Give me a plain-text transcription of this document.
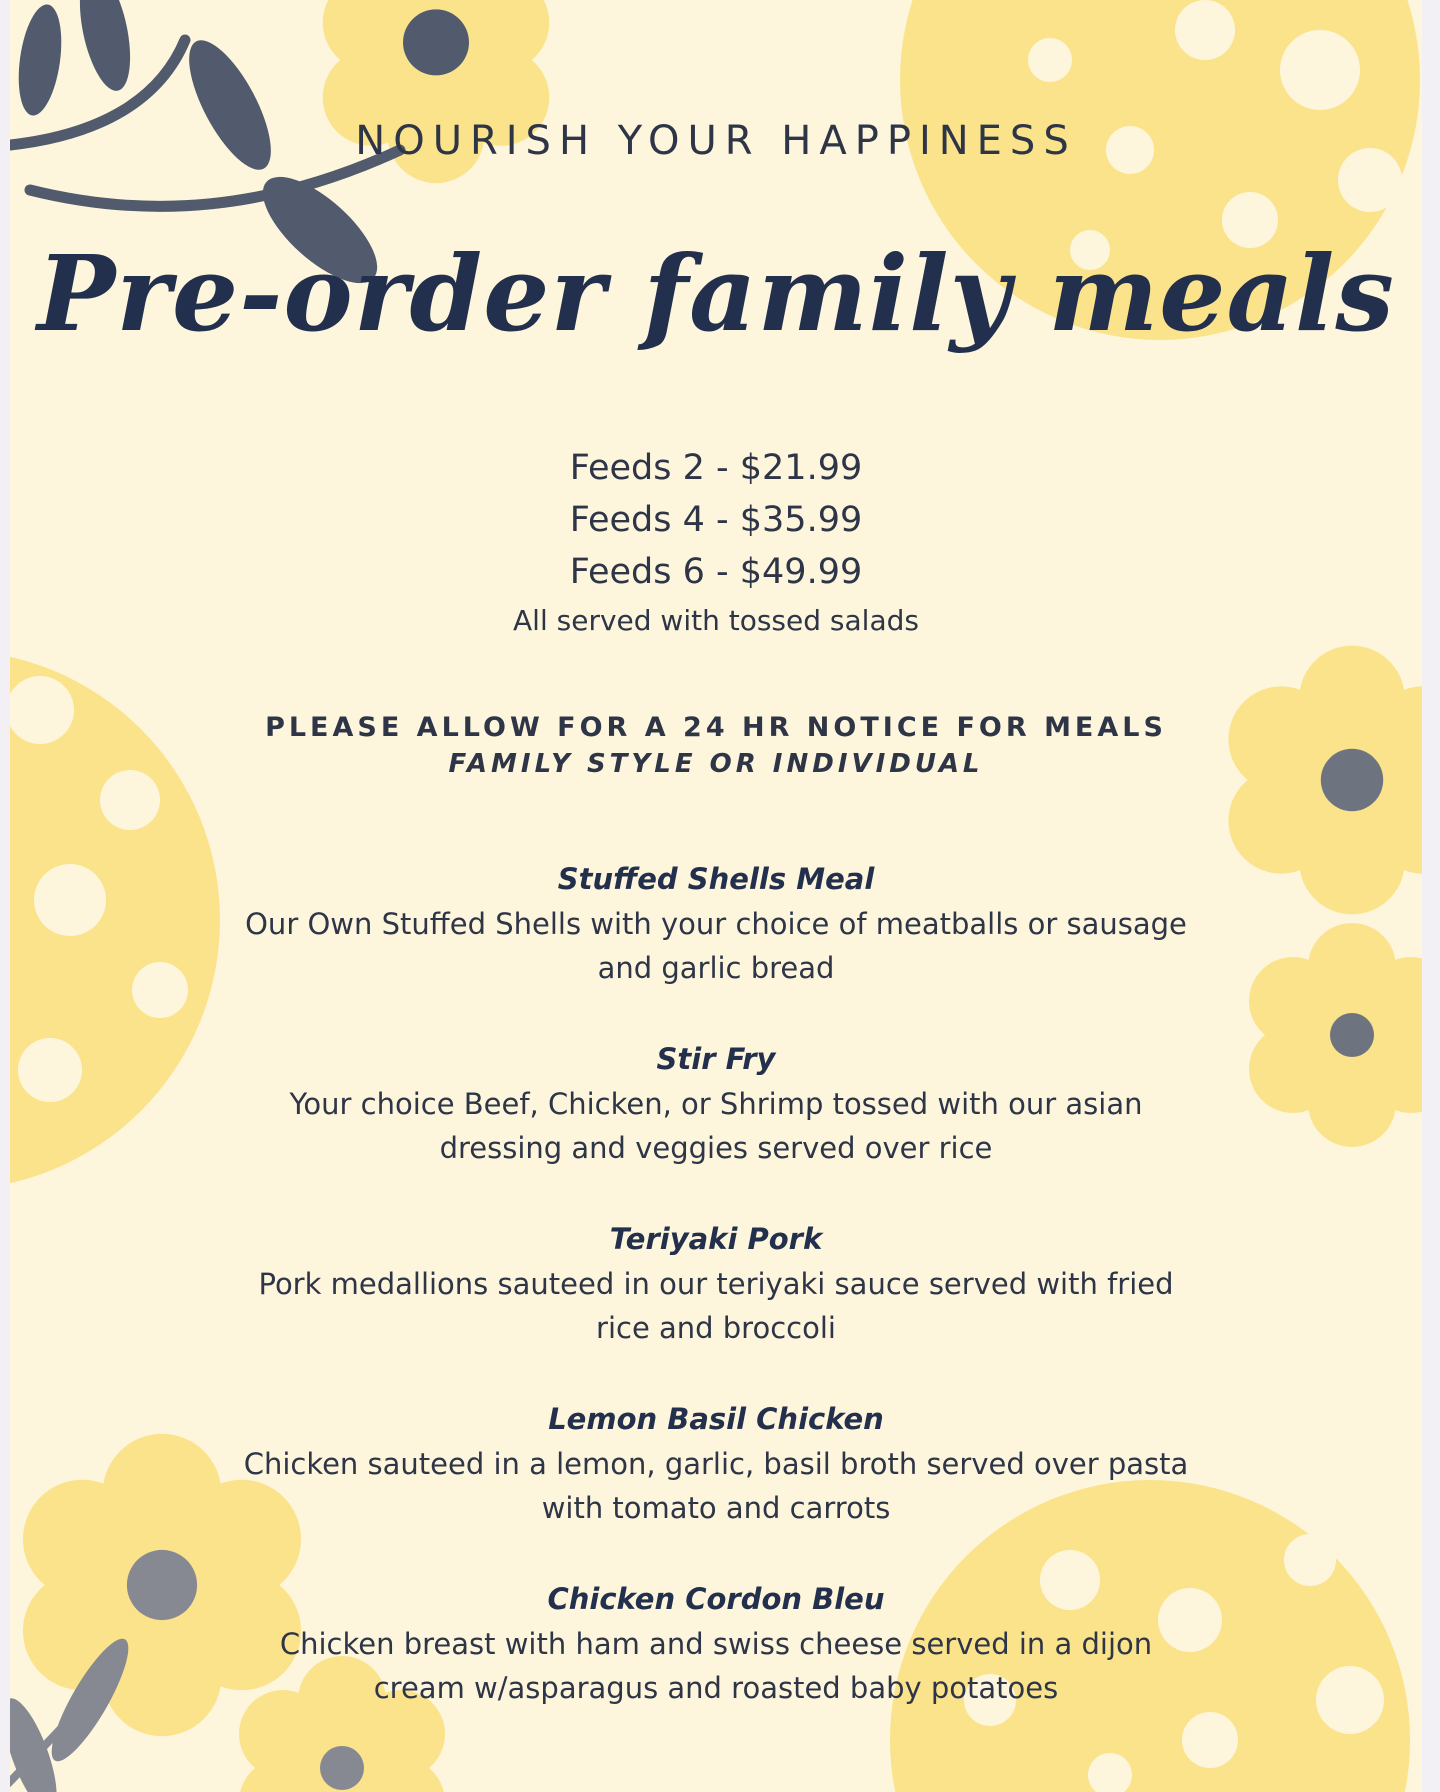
NOURISH YOUR HAPPINESS
Pre-order family meals
Feeds 2 - $21.99
Feeds 4 - $35.99
Feeds 6 - $49.99
All served with tossed salads
PLEASE ALLOW FOR A 24 HR NOTICE FOR MEALS
FAMILY STYLE OR INDIVIDUAL
Stuffed Shells Meal
Our Own Stuffed Shells with your choice of meatballs or sausage and garlic bread
Stir Fry
Your choice Beef, Chicken, or Shrimp tossed with our asian dressing and veggies served over rice
Teriyaki Pork
Pork medallions sauteed in our teriyaki sauce served with fried rice and broccoli
Lemon Basil Chicken
Chicken sauteed in a lemon, garlic, basil broth served over pasta with tomato and carrots
Chicken Cordon Bleu
Chicken breast with ham and swiss cheese served in a dijon cream w/asparagus and roasted baby potatoes
